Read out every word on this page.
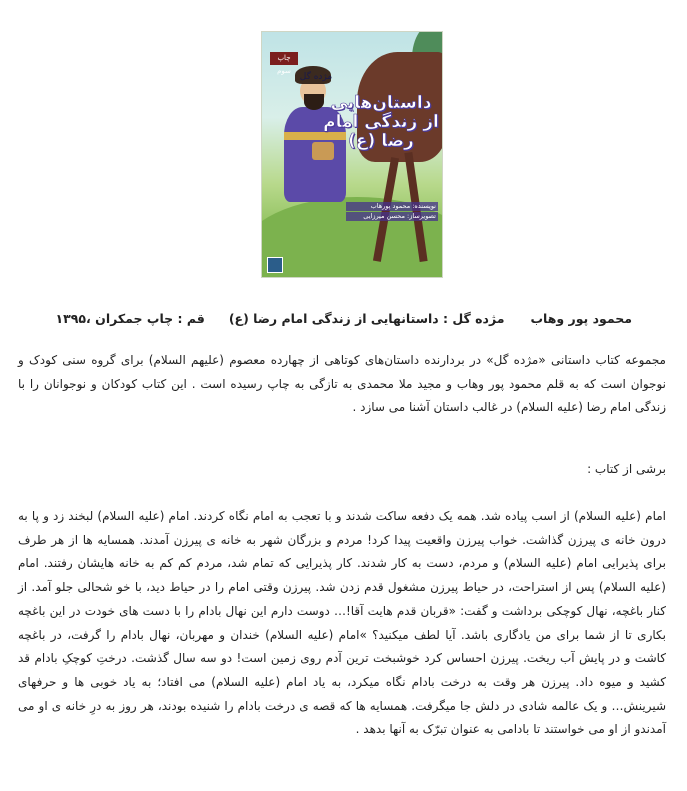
چاپ سوم
مژده گل
داستان‌هایی از زندگی امام رضا (ع)
نویسنده: محمود پورهاب
تصویرساز: محسن میرزایی
محمود پور وهابمژده گل : داستانهایی از زندگی امام رضا (ع)قم : چاپ جمکران ،۱۳۹۵

مجموعه کتاب داستانی «مژده گل» در بردارنده داستان‌های کوتاهی از چهارده معصوم (علیهم السلام) برای گروه سنی کودک و نوجوان است که به قلم محمود پور وهاب و مجید ملا محمدی به تازگی به چاپ رسیده است . این کتاب کودکان و نوجوانان را با زندگی امام رضا (علیه السلام) در غالب داستان آشنا می سازد .

برشی از کتاب :

امام (علیه السلام) از اسب پیاده شد. همه یک دفعه ساکت شدند و با تعجب به امام نگاه کردند. امام (علیه السلام) لبخند زد و پا به درون خانه ی پیرزن گذاشت. خواب پیرزن واقعیت پیدا کرد! مردم و بزرگان شهر به خانه ی پیرزن آمدند. همسایه ها از هر طرف برای پذیرایی امام (علیه السلام) و مردم، دست به کار شدند. کار پذیرایی که تمام شد، مردم کم کم به خانه هایشان رفتند. امام (علیه السلام) پس از استراحت، در حیاط پیرزن مشغول قدم زدن شد. پیرزن وقتی امام را در حیاط دید، با خو شحالی جلو آمد. از کنار باغچه، نهال کوچکی برداشت و گفت: «قربان قدم هایت آقا!… دوست دارم این نهال بادام را با دست های خودت در این باغچه بکاری تا از شما برای من یادگاری باشد. آیا لطف میکنید؟ »امام (علیه السلام) خندان و مهربان، نهال بادام را گرفت، در باغچه کاشت و در پایش آب ریخت. پیرزن احساس کرد خوشبخت ترین آدم روی زمین است! دو سه سال گذشت. درختِ کوچکِ بادام قد کشید و میوه داد. پیرزن هر وقت به درخت بادام نگاه میکرد، به یاد امام (علیه السلام) می افتاد؛ به یاد خوبی ها و حرفهای شیرینش… و یک عالمه شادی در دلش جا میگرفت. همسایه ها که قصه ی درخت بادام را شنیده بودند، هر روز به درِ خانه ی او می آمدندو از او می خواستند تا بادامی به عنوان تبرّک به آنها بدهد .
